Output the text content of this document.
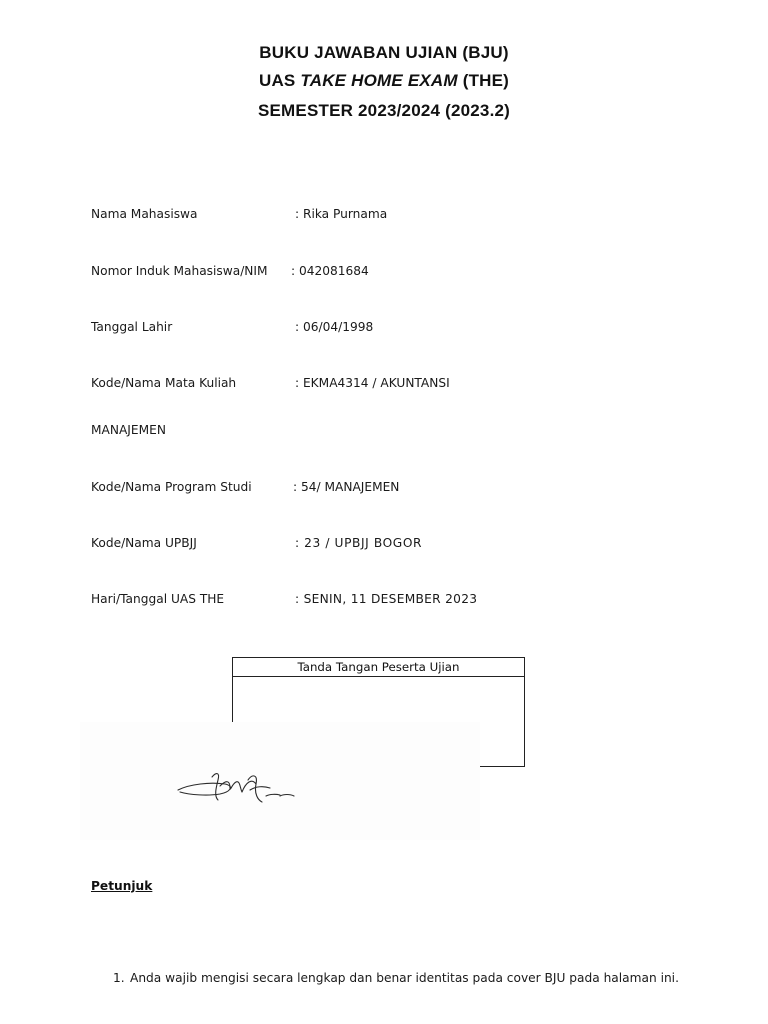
BUKU JAWABAN UJIAN (BJU)
UAS TAKE HOME EXAM (THE)
SEMESTER 2023/2024 (2023.2)
Nama Mahasiswa	: Rika Purnama
Nomor Induk Mahasiswa/NIM : 042081684
Tanggal Lahir	: 06/04/1998
Kode/Nama Mata Kuliah	: EKMA4314 / AKUNTANSI
MANAJEMEN
Kode/Nama Program Studi	: 54/ MANAJEMEN
Kode/Nama UPBJJ	: 23 / UPBJJ BOGOR
Hari/Tanggal UAS THE	: SENIN, 11 DESEMBER 2023
Tanda Tangan Peserta Ujian
Petunjuk
1. Anda wajib mengisi secara lengkap dan benar identitas pada cover BJU pada halaman ini.
